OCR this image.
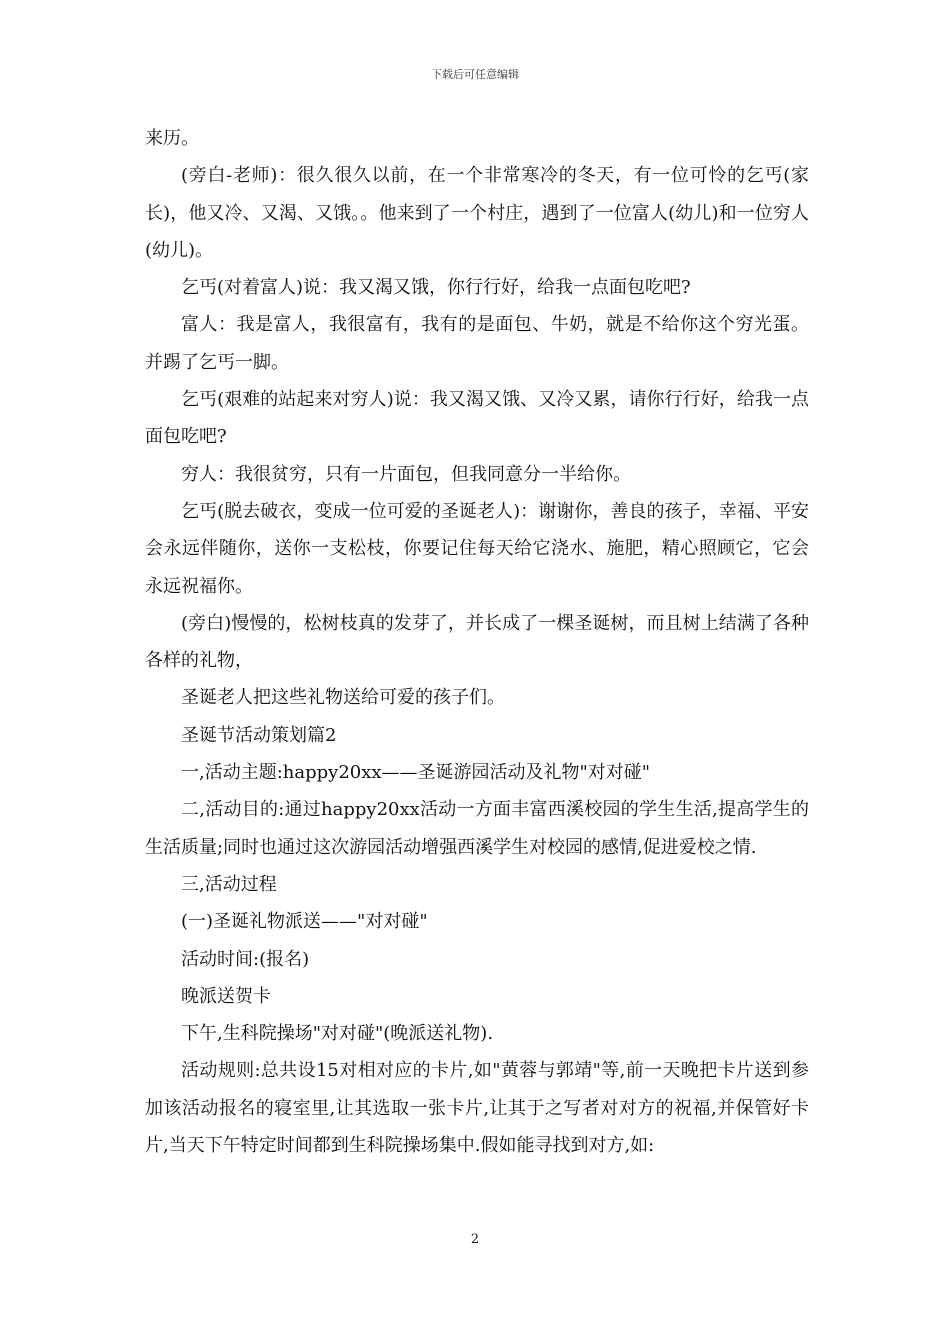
下载后可任意编辑

来历。

(旁白-老师)：很久很久以前，在一个非常寒冷的冬天，有一位可怜的乞丐(家长)，他又冷、又渴、又饿。。他来到了一个村庄，遇到了一位富人(幼儿)和一位穷人(幼儿)。

乞丐(对着富人)说：我又渴又饿，你行行好，给我一点面包吃吧?

富人：我是富人，我很富有，我有的是面包、牛奶，就是不给你这个穷光蛋。并踢了乞丐一脚。

乞丐(艰难的站起来对穷人)说：我又渴又饿、又冷又累，请你行行好，给我一点面包吃吧?

穷人：我很贫穷，只有一片面包，但我同意分一半给你。

乞丐(脱去破衣，变成一位可爱的圣诞老人)：谢谢你，善良的孩子，幸福、平安会永远伴随你，送你一支松枝，你要记住每天给它浇水、施肥，精心照顾它，它会永远祝福你。

(旁白)慢慢的，松树枝真的发芽了，并长成了一棵圣诞树，而且树上结满了各种各样的礼物，

圣诞老人把这些礼物送给可爱的孩子们。

圣诞节活动策划篇2

一,活动主题:happy20xx——圣诞游园活动及礼物"对对碰"

二,活动目的:通过happy20xx活动一方面丰富西溪校园的学生生活,提高学生的生活质量;同时也通过这次游园活动增强西溪学生对校园的感情,促进爱校之情.

三,活动过程

(一)圣诞礼物派送——"对对碰"

活动时间:(报名)

晚派送贺卡

下午,生科院操场"对对碰"(晚派送礼物).

活动规则:总共设15对相对应的卡片,如"黄蓉与郭靖"等,前一天晚把卡片送到参加该活动报名的寝室里,让其选取一张卡片,让其于之写者对对方的祝福,并保管好卡片,当天下午特定时间都到生科院操场集中.假如能寻找到对方,如:

2
